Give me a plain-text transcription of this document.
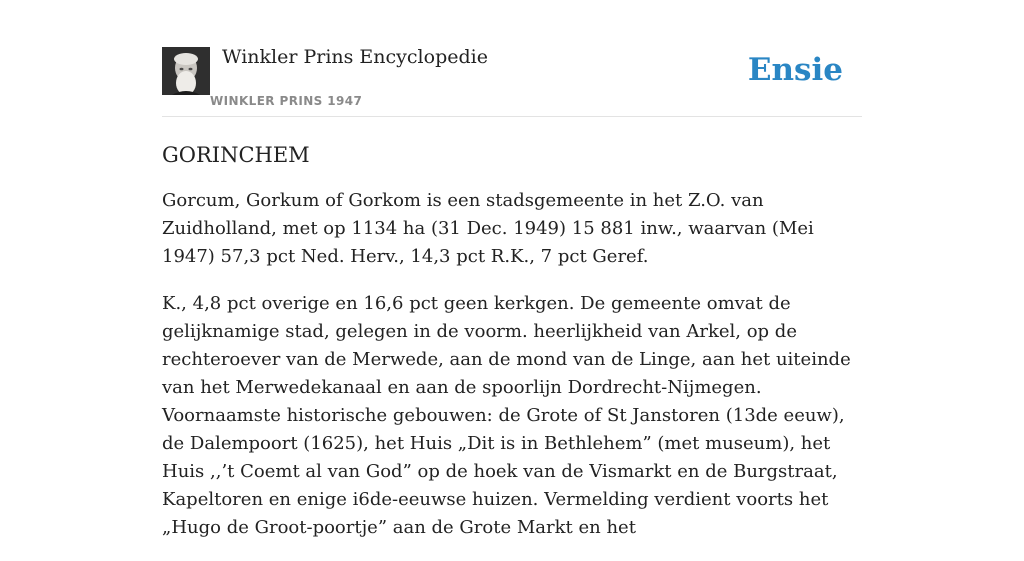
Winkler Prins Encyclopedie
WINKLER PRINS 1947
Ensie
GORINCHEM

Gorcum, Gorkum of Gorkom is een stadsgemeente in het Z.O. van Zuidholland, met op 1134 ha (31 Dec. 1949) 15 881 inw., waarvan (Mei 1947) 57,3 pct Ned. Herv., 14,3 pct R.K., 7 pct Geref.

K., 4,8 pct overige en 16,6 pct geen kerkgen. De gemeente omvat de gelijknamige stad, gelegen in de voorm. heerlijkheid van Arkel, op de rechteroever van de Merwede, aan de mond van de Linge, aan het uiteinde van het Merwedekanaal en aan de spoorlijn Dordrecht-Nijmegen. Voornaamste historische gebouwen: de Grote of St Janstoren (13de eeuw), de Dalempoort (1625), het Huis „Dit is in Bethlehem” (met museum), het Huis ,,’t Coemt al van God” op de hoek van de Vismarkt en de Burgstraat, Kapeltoren en enige i6de-eeuwse huizen. Vermelding verdient voorts het „Hugo de Groot-poortje” aan de Grote Markt en het
